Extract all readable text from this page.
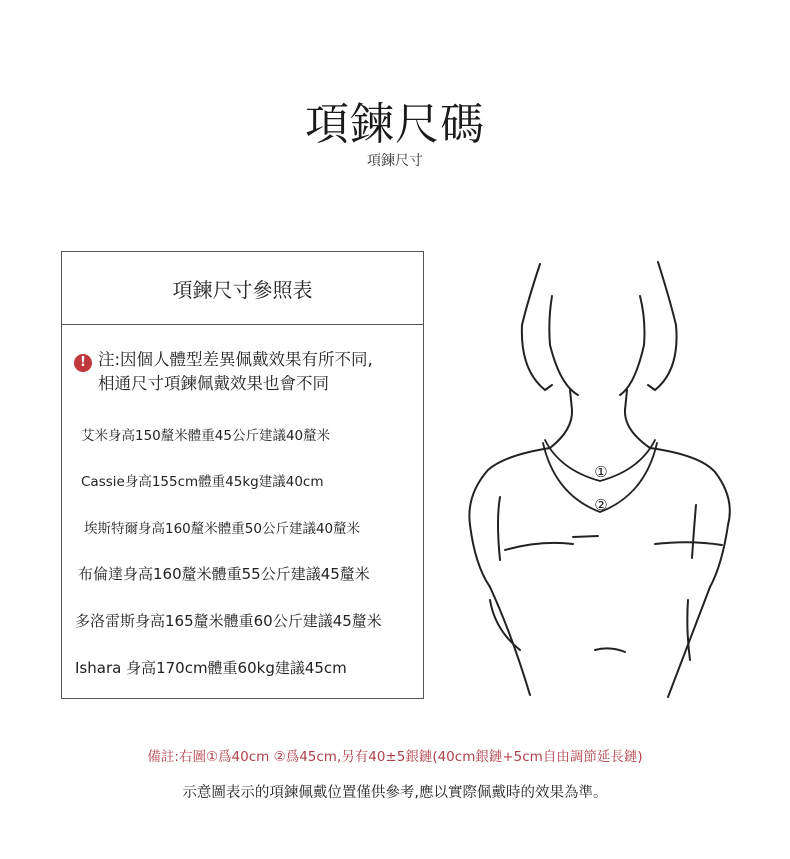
項鍊尺碼
項鍊尺寸
項鍊尺寸參照表
! 注:因個人體型差異佩戴效果有所不同,
相通尺寸項鍊佩戴效果也會不同
艾米身高150釐米體重45公斤建議40釐米
Cassie身高155cm體重45kg建議40cm
埃斯特爾身高160釐米體重50公斤建議40釐米
布倫達身高160釐米體重55公斤建議45釐米
多洛雷斯身高165釐米體重60公斤建議45釐米
Ishara 身高170cm體重60kg建議45cm
①
②
備註:右圖①爲40cm ②爲45cm,另有40±5銀鏈(40cm銀鏈+5cm自由調節延長鏈)
示意圖表示的項鍊佩戴位置僅供參考,應以實際佩戴時的效果為準。
